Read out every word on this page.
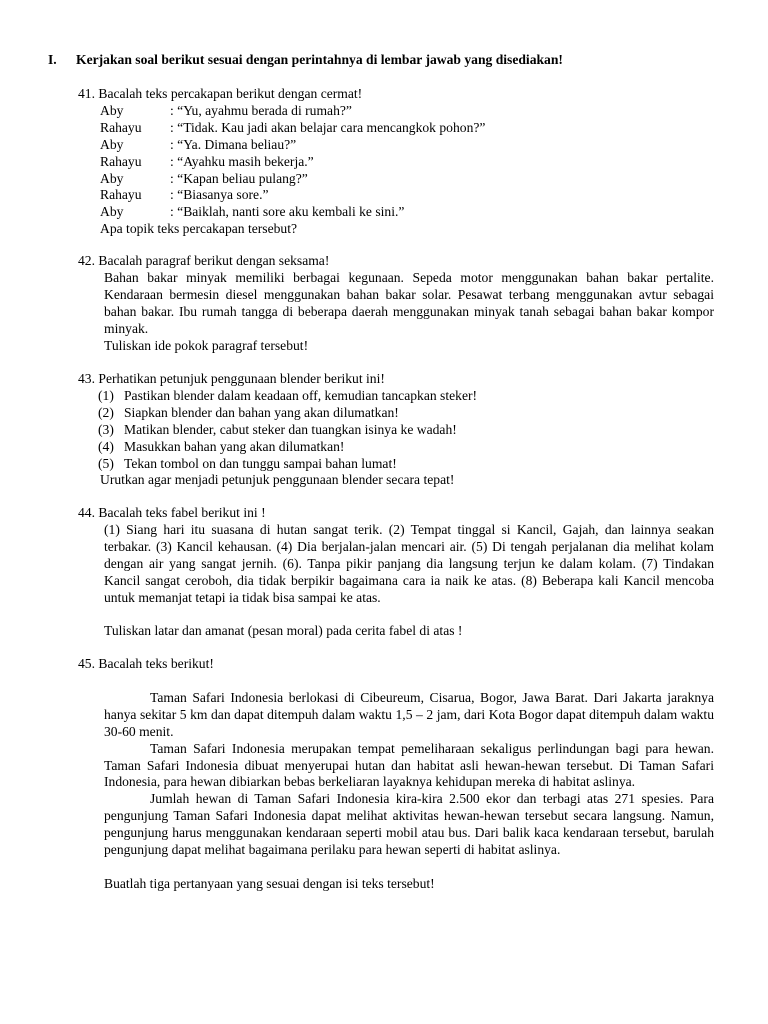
I. Kerjakan soal berikut sesuai dengan perintahnya di lembar jawab yang disediakan!
41. Bacalah teks percakapan berikut dengan cermat!
Aby	: “Yu, ayahmu berada di rumah?”
Rahayu	: “Tidak. Kau jadi akan belajar cara mencangkok pohon?”
Aby	: “Ya. Dimana beliau?”
Rahayu	: “Ayahku masih bekerja.”
Aby	: “Kapan beliau pulang?”
Rahayu	: “Biasanya sore.”
Aby	: “Baiklah, nanti sore aku kembali ke sini.”
Apa topik teks percakapan tersebut?
42. Bacalah paragraf berikut dengan seksama!
Bahan bakar minyak memiliki berbagai kegunaan. Sepeda motor menggunakan bahan bakar pertalite. Kendaraan bermesin diesel menggunakan bahan bakar solar. Pesawat terbang menggunakan avtur sebagai bahan bakar. Ibu rumah tangga di beberapa daerah menggunakan minyak tanah sebagai bahan bakar kompor minyak.
Tuliskan ide pokok paragraf tersebut!
43. Perhatikan petunjuk penggunaan blender berikut ini!
(1) Pastikan blender dalam keadaan off, kemudian tancapkan steker!
(2) Siapkan blender dan bahan yang akan dilumatkan!
(3) Matikan blender, cabut steker dan tuangkan isinya ke wadah!
(4) Masukkan bahan yang akan dilumatkan!
(5) Tekan tombol on dan tunggu sampai bahan lumat!
Urutkan agar menjadi petunjuk penggunaan blender secara tepat!
44. Bacalah teks fabel berikut ini !
(1) Siang hari itu suasana di hutan sangat terik. (2) Tempat tinggal si Kancil, Gajah, dan lainnya seakan terbakar. (3) Kancil kehausan. (4) Dia berjalan-jalan mencari air. (5) Di tengah perjalanan dia melihat kolam dengan air yang sangat jernih. (6). Tanpa pikir panjang dia langsung terjun ke dalam kolam. (7) Tindakan Kancil sangat ceroboh, dia tidak berpikir bagaimana cara ia naik ke atas. (8) Beberapa kali Kancil mencoba untuk memanjat tetapi ia tidak bisa sampai ke atas.
Tuliskan latar dan amanat (pesan moral) pada cerita fabel di atas !
45. Bacalah teks berikut!
Taman Safari Indonesia berlokasi di Cibeureum, Cisarua, Bogor, Jawa Barat. Dari Jakarta jaraknya hanya sekitar 5 km dan dapat ditempuh dalam waktu 1,5 – 2 jam, dari Kota Bogor dapat ditempuh dalam waktu 30-60 menit.
Taman Safari Indonesia merupakan tempat pemeliharaan sekaligus perlindungan bagi para hewan. Taman Safari Indonesia dibuat menyerupai hutan dan habitat asli hewan-hewan tersebut. Di Taman Safari Indonesia, para hewan dibiarkan bebas berkeliaran layaknya kehidupan mereka di habitat aslinya.
Jumlah hewan di Taman Safari Indonesia kira-kira 2.500 ekor dan terbagi atas 271 spesies. Para pengunjung Taman Safari Indonesia dapat melihat aktivitas hewan-hewan tersebut secara langsung. Namun, pengunjung harus menggunakan kendaraan seperti mobil atau bus. Dari balik kaca kendaraan tersebut, barulah pengunjung dapat melihat bagaimana perilaku para hewan seperti di habitat aslinya.
Buatlah tiga pertanyaan yang sesuai dengan isi teks tersebut!
